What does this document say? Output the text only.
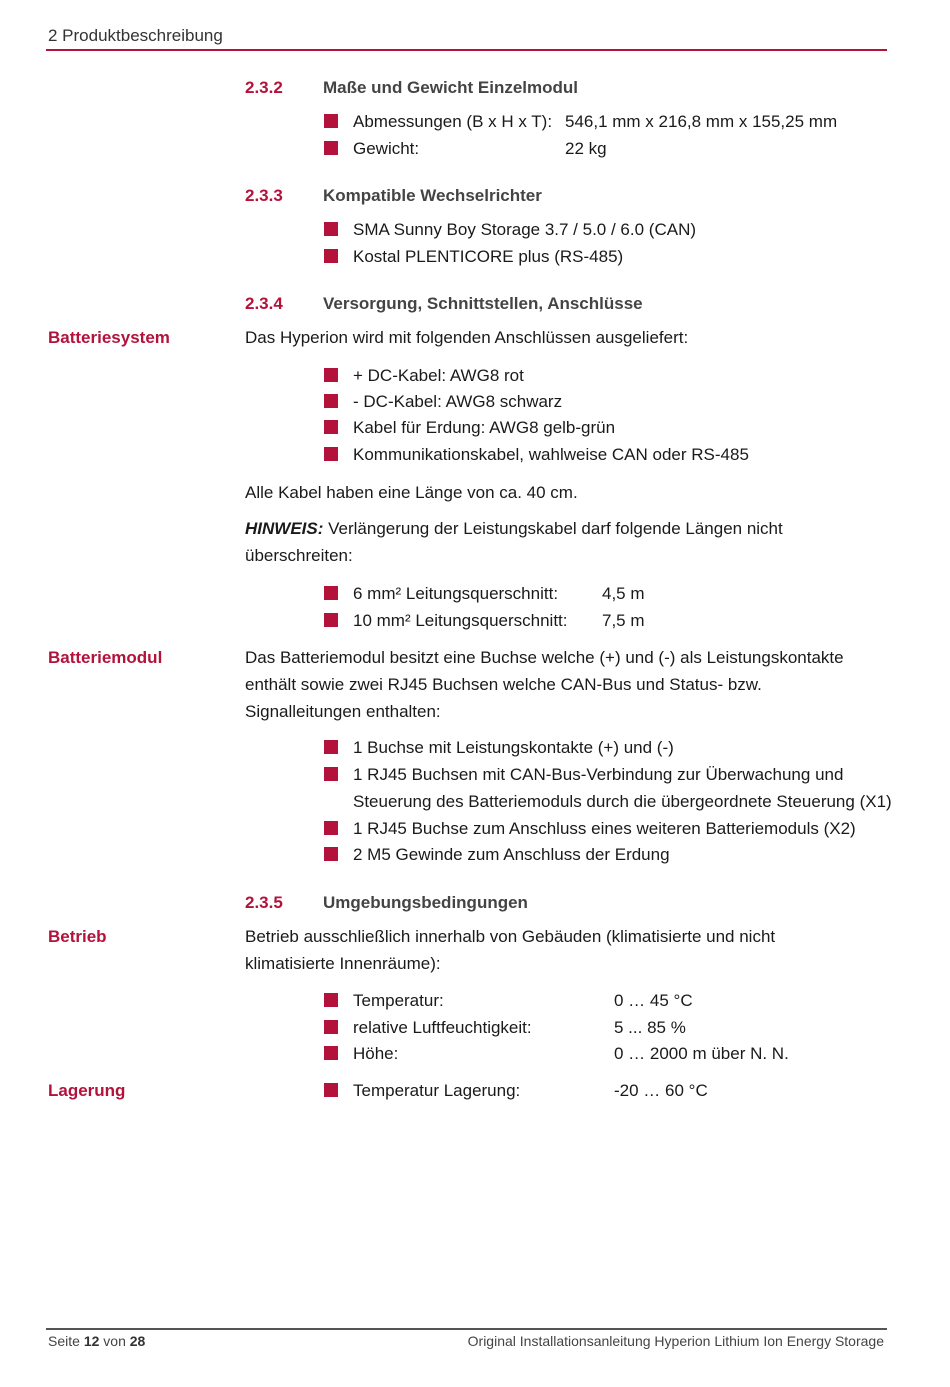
2 Produktbeschreibung
2.3.2 Maße und Gewicht Einzelmodul
Abmessungen (B x H x T): 546,1 mm x 216,8 mm x 155,25 mm
Gewicht:	22 kg
2.3.3 Kompatible Wechselrichter
SMA Sunny Boy Storage 3.7 / 5.0 / 6.0 (CAN)
Kostal PLENTICORE plus (RS-485)
2.3.4 Versorgung, Schnittstellen, Anschlüsse
Batteriesystem	Das Hyperion wird mit folgenden Anschlüssen ausgeliefert:
+ DC-Kabel: AWG8 rot
- DC-Kabel: AWG8 schwarz
Kabel für Erdung: AWG8 gelb-grün
Kommunikationskabel, wahlweise CAN oder RS-485
Alle Kabel haben eine Länge von ca. 40 cm.
HINWEIS: Verlängerung der Leistungskabel darf folgende Längen nicht überschreiten:
6 mm² Leitungsquerschnitt:	4,5 m
10 mm² Leitungsquerschnitt: 7,5 m
Batteriemodul	Das Batteriemodul besitzt eine Buchse welche (+) und (-) als Leistungskontakte enthält sowie zwei RJ45 Buchsen welche CAN-Bus und Status- bzw. Signalleitungen enthalten:
1 Buchse mit Leistungskontakte (+) und (-)
1 RJ45 Buchsen mit CAN-Bus-Verbindung zur Überwachung und
Steuerung des Batteriemoduls durch die übergeordnete Steuerung (X1)
1 RJ45 Buchse zum Anschluss eines weiteren Batteriemoduls (X2)
2 M5 Gewinde zum Anschluss der Erdung
2.3.5 Umgebungsbedingungen
Betrieb	Betrieb ausschließlich innerhalb von Gebäuden (klimatisierte und nicht klimatisierte Innenräume):
Temperatur:	0 … 45 °C
relative Luftfeuchtigkeit:	5 ... 85 %
Höhe:	0 … 2000 m über N. N.
Lagerung	Temperatur Lagerung:	-20 … 60 °C
Seite 12 von 28	Original Installationsanleitung Hyperion Lithium Ion Energy Storage
